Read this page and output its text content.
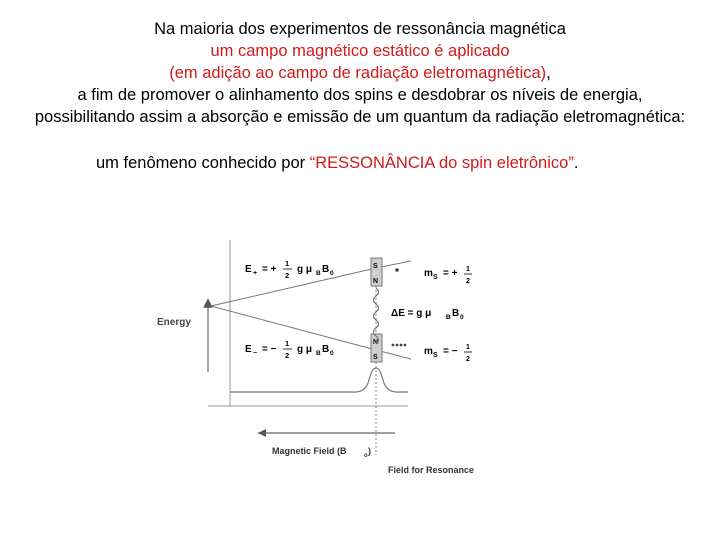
Na maioria dos experimentos de ressonância magnética
um campo magnético estático é aplicado
(em adição ao campo de radiação eletromagnética),
a fim de promover o alinhamento dos spins e desdobrar os níveis de energia,
possibilitando assim a absorção e emissão de um quantum da radiação eletromagnética:
um fenômeno conhecido por “RESSONÂNCIA do spin eletrônico”.
Energy
S
N
N
S
E + = +
1
2
g μ B B 0
E − = −
1
2
g μ B B 0
m S = + 1
2
ΔE = g μ B B 0
m S = − 1
2
Magnetic Field (B	o )
Field for Resonance
